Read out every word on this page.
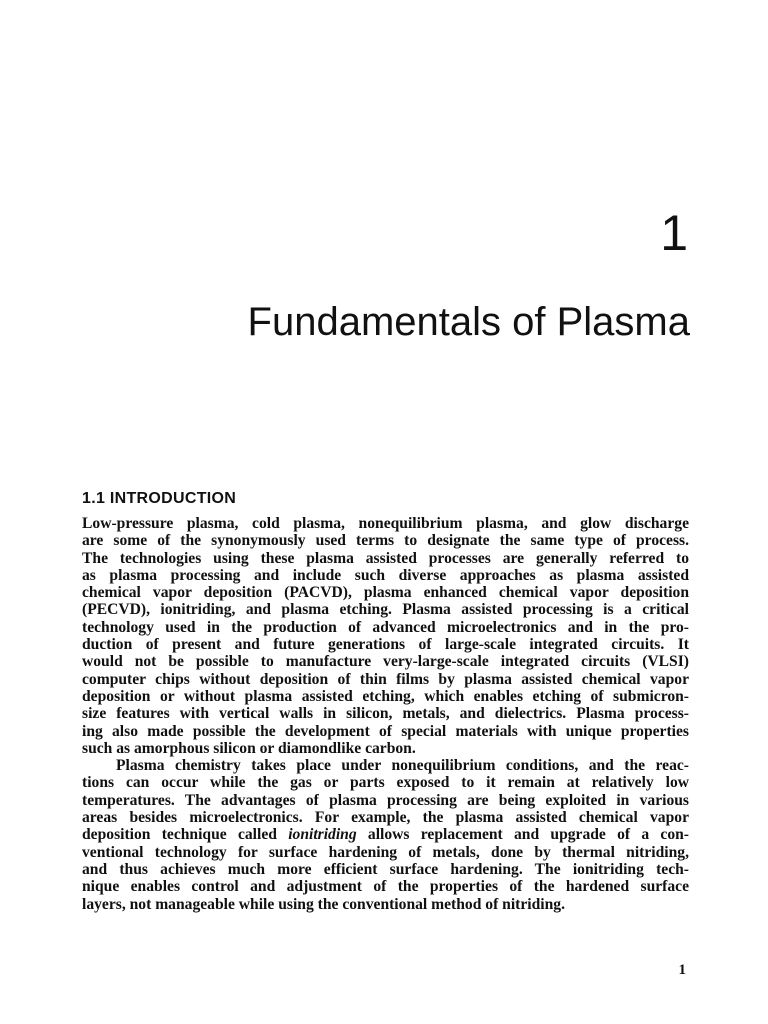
1
Fundamentals of Plasma
1.1 INTRODUCTION
Low-pressure plasma, cold plasma, nonequilibrium plasma, and glow discharge
are some of the synonymously used terms to designate the same type of process.
The technologies using these plasma assisted processes are generally referred to
as plasma processing and include such diverse approaches as plasma assisted
chemical vapor deposition (PACVD), plasma enhanced chemical vapor deposition
(PECVD), ionitriding, and plasma etching. Plasma assisted processing is a critical
technology used in the production of advanced microelectronics and in the pro-
duction of present and future generations of large-scale integrated circuits. It
would not be possible to manufacture very-large-scale integrated circuits (VLSI)
computer chips without deposition of thin films by plasma assisted chemical vapor
deposition or without plasma assisted etching, which enables etching of submicron-
size features with vertical walls in silicon, metals, and dielectrics. Plasma process-
ing also made possible the development of special materials with unique properties
such as amorphous silicon or diamondlike carbon.
Plasma chemistry takes place under nonequilibrium conditions, and the reac-
tions can occur while the gas or parts exposed to it remain at relatively low
temperatures. The advantages of plasma processing are being exploited in various
areas besides microelectronics. For example, the plasma assisted chemical vapor
deposition technique called ionitriding allows replacement and upgrade of a con-
ventional technology for surface hardening of metals, done by thermal nitriding,
and thus achieves much more efficient surface hardening. The ionitriding tech-
nique enables control and adjustment of the properties of the hardened surface
layers, not manageable while using the conventional method of nitriding.
1
